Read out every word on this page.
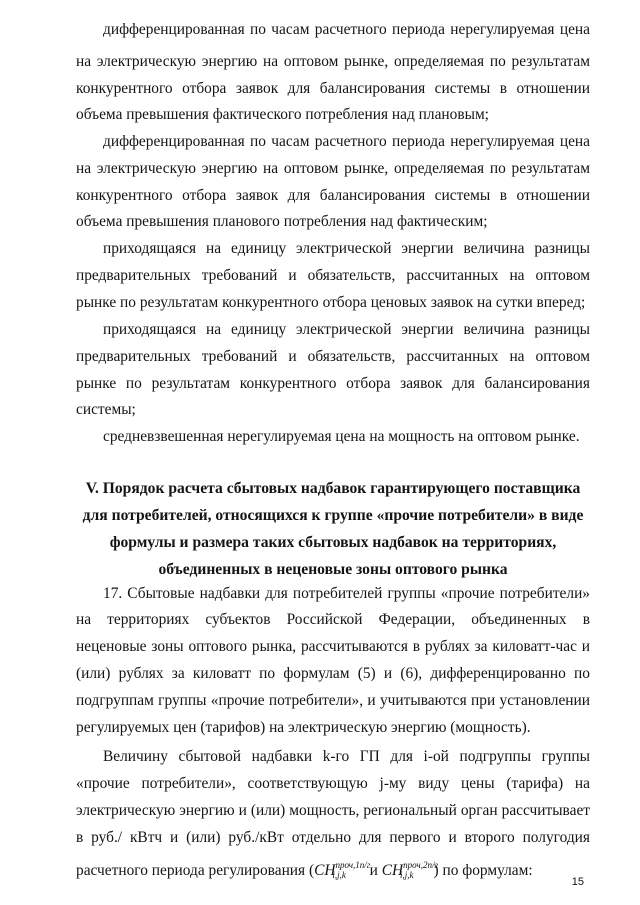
дифференцированная по часам расчетного периода нерегулируемая цена
на электрическую энергию на оптовом рынке, определяемая по результатам
конкурентного отбора заявок для балансирования системы в отношении
объема превышения фактического потребления над плановым;
дифференцированная по часам расчетного периода нерегулируемая цена
на электрическую энергию на оптовом рынке, определяемая по результатам
конкурентного отбора заявок для балансирования системы в отношении
объема превышения планового потребления над фактическим;
приходящаяся на единицу электрической энергии величина разницы
предварительных требований и обязательств, рассчитанных на оптовом
рынке по результатам конкурентного отбора ценовых заявок на сутки вперед;
приходящаяся на единицу электрической энергии величина разницы
предварительных требований и обязательств, рассчитанных на оптовом
рынке по результатам конкурентного отбора заявок для балансирования
системы;
средневзвешенная нерегулируемая цена на мощность на оптовом рынке.
V. Порядок расчета сбытовых надбавок гарантирующего поставщика
для потребителей, относящихся к группе «прочие потребители» в виде
формулы и размера таких сбытовых надбавок на территориях,
объединенных в неценовые зоны оптового рынка
17. Сбытовые надбавки для потребителей группы «прочие потребители»
на территориях субъектов Российской Федерации, объединенных в
неценовые зоны оптового рынка, рассчитываются в рублях за киловатт-час и
(или) рублях за киловатт по формулам (5) и (6), дифференцированно по
подгруппам группы «прочие потребители», и учитываются при установлении
регулируемых цен (тарифов) на электрическую энергию (мощность).
Величину сбытовой надбавки k-го ГП для i-ой подгруппы группы
«прочие потребители», соответствующую j-му виду цены (тарифа) на
электрическую энергию и (или) мощность, региональный орган рассчитывает
в руб./ кВтч и (или) руб./кВт отдельно для первого и второго полугодия
расчетного периода регулирования ($СН^{проч,1п/г}i,j,k$ и $СН^{проч,2п/г}i,j,k$ ) по формулам:
15
